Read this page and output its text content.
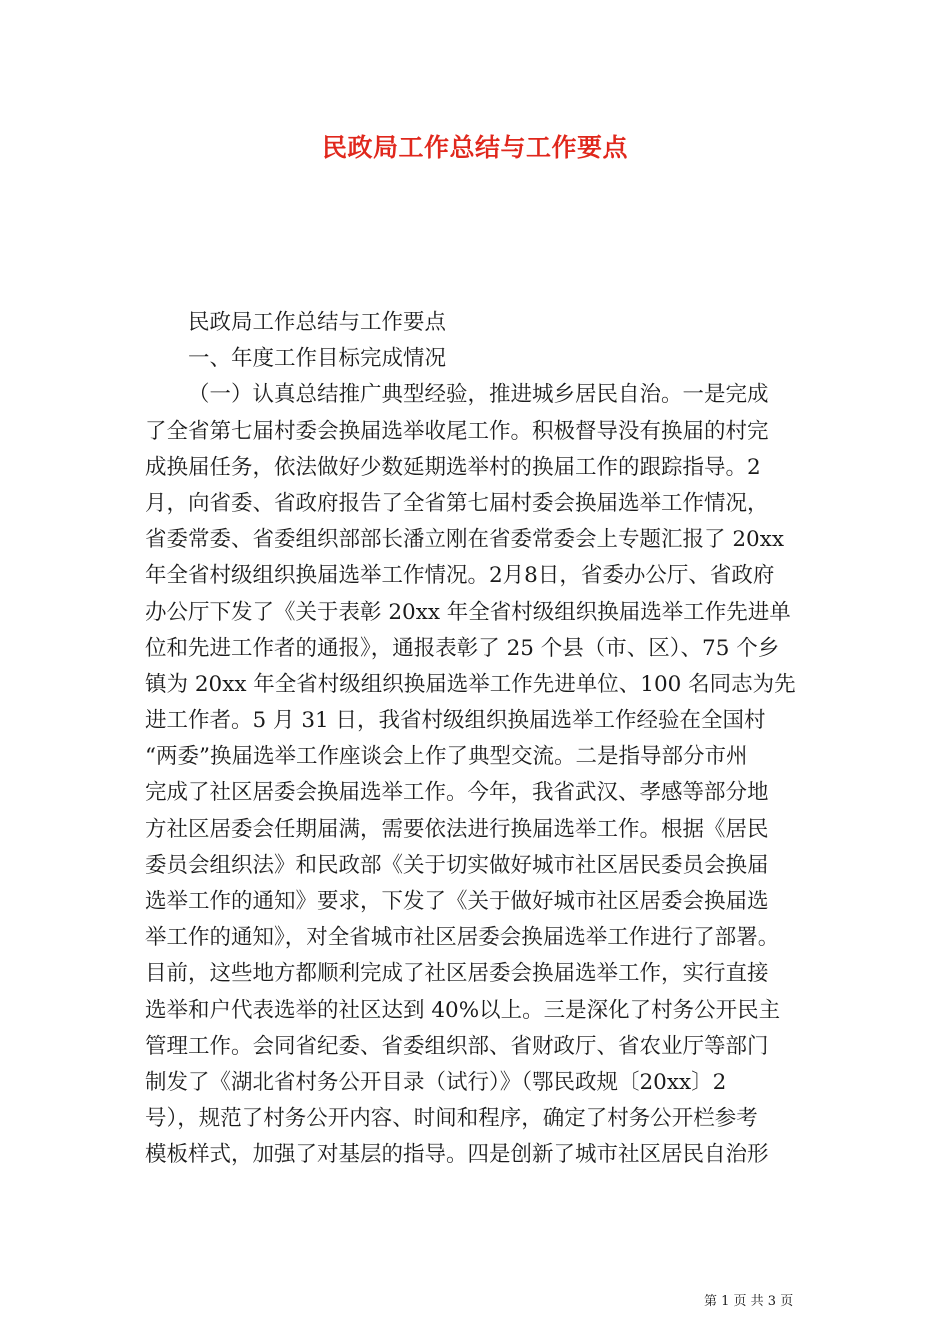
民政局工作总结与工作要点
民政局工作总结与工作要点
一、年度工作目标完成情况
（一）认真总结推广典型经验，推进城乡居民自治。一是完成
了全省第七届村委会换届选举收尾工作。积极督导没有换届的村完
成换届任务，依法做好少数延期选举村的换届工作的跟踪指导。2
月，向省委、省政府报告了全省第七届村委会换届选举工作情况，
省委常委、省委组织部部长潘立刚在省委常委会上专题汇报了 20xx
年全省村级组织换届选举工作情况。2月8日，省委办公厅、省政府
办公厅下发了《关于表彰 20xx 年全省村级组织换届选举工作先进单
位和先进工作者的通报》，通报表彰了 25 个县（市、区）、75 个乡
镇为 20xx 年全省村级组织换届选举工作先进单位、100 名同志为先
进工作者。5 月 31 日，我省村级组织换届选举工作经验在全国村
“两委”换届选举工作座谈会上作了典型交流。二是指导部分市州
完成了社区居委会换届选举工作。今年，我省武汉、孝感等部分地
方社区居委会任期届满，需要依法进行换届选举工作。根据《居民
委员会组织法》和民政部《关于切实做好城市社区居民委员会换届
选举工作的通知》要求，下发了《关于做好城市社区居委会换届选
举工作的通知》，对全省城市社区居委会换届选举工作进行了部署。
目前，这些地方都顺利完成了社区居委会换届选举工作，实行直接
选举和户代表选举的社区达到 40%以上。三是深化了村务公开民主
管理工作。会同省纪委、省委组织部、省财政厅、省农业厅等部门
制发了《湖北省村务公开目录（试行）》（鄂民政规〔20xx〕2
号），规范了村务公开内容、时间和程序，确定了村务公开栏参考
模板样式，加强了对基层的指导。四是创新了城市社区居民自治形
第 1 页 共 3 页
